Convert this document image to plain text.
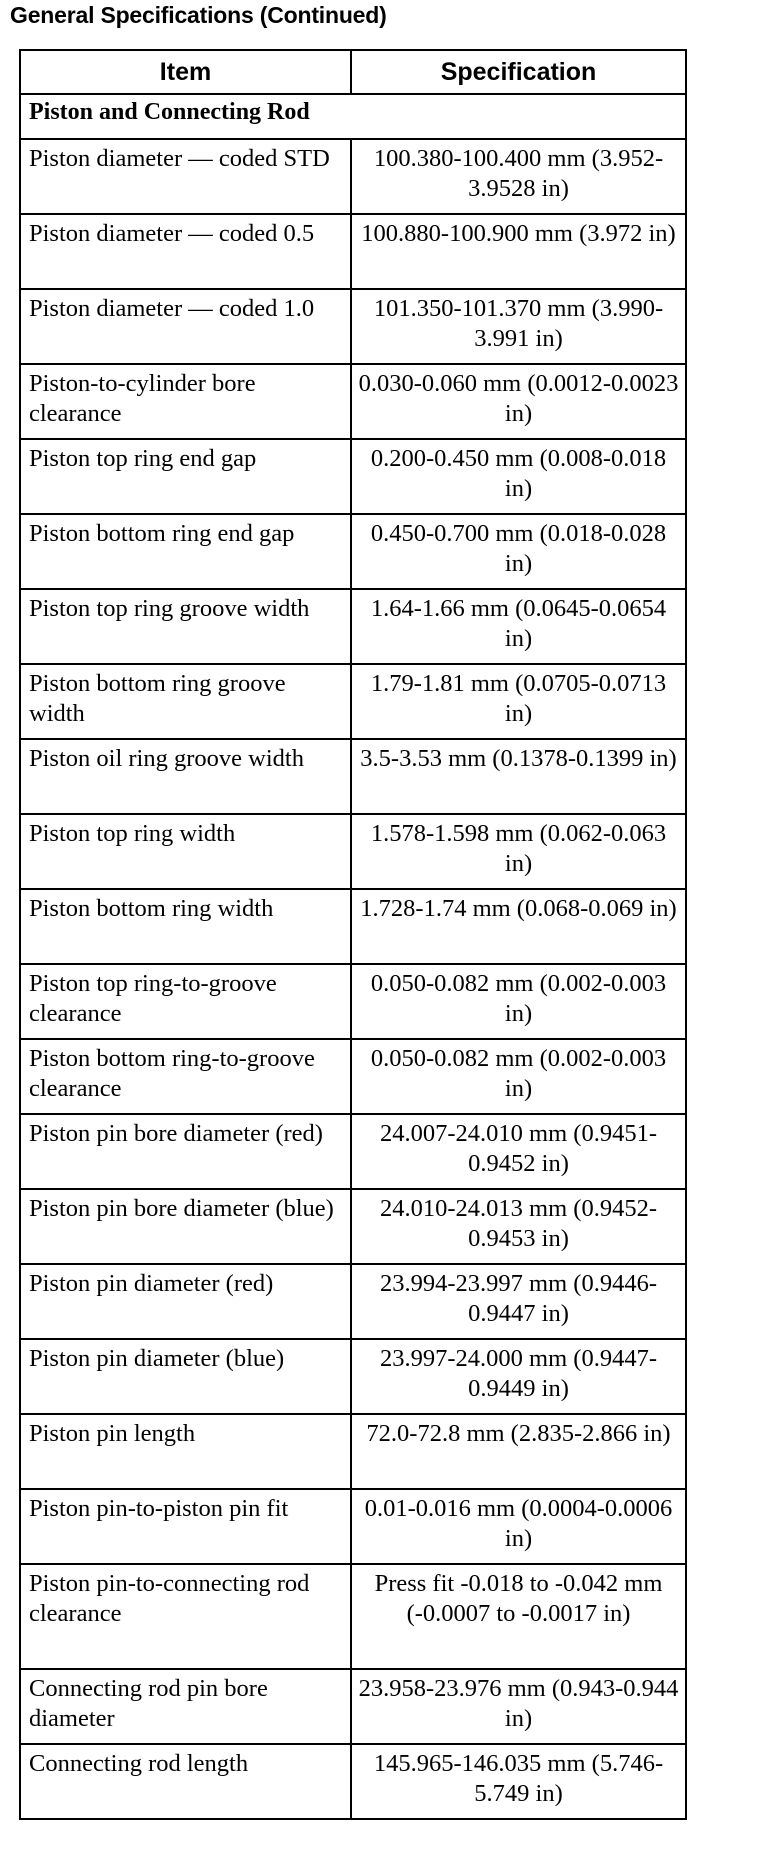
General Specifications (Continued)
Item	Specification
Piston and Connecting Rod	
Piston diameter — coded STD	100.380-100.400 mm (3.952-3.9528 in)
Piston diameter — coded 0.5	100.880-100.900 mm (3.972 in)
Piston diameter — coded 1.0	101.350-101.370 mm (3.990-3.991 in)
Piston-to-cylinder bore clearance	0.030-0.060 mm (0.0012-0.0023 in)
Piston top ring end gap	0.200-0.450 mm (0.008-0.018 in)
Piston bottom ring end gap	0.450-0.700 mm (0.018-0.028 in)
Piston top ring groove width	1.64-1.66 mm (0.0645-0.0654 in)
Piston bottom ring groove width	1.79-1.81 mm (0.0705-0.0713 in)
Piston oil ring groove width	3.5-3.53 mm (0.1378-0.1399 in)
Piston top ring width	1.578-1.598 mm (0.062-0.063 in)
Piston bottom ring width	1.728-1.74 mm (0.068-0.069 in)
Piston top ring-to-groove clearance	0.050-0.082 mm (0.002-0.003 in)
Piston bottom ring-to-groove clearance	0.050-0.082 mm (0.002-0.003 in)
Piston pin bore diameter (red)	24.007-24.010 mm (0.9451-0.9452 in)
Piston pin bore diameter (blue)	24.010-24.013 mm (0.9452-0.9453 in)
Piston pin diameter (red)	23.994-23.997 mm (0.9446-0.9447 in)
Piston pin diameter (blue)	23.997-24.000 mm (0.9447-0.9449 in)
Piston pin length	72.0-72.8 mm (2.835-2.866 in)
Piston pin-to-piston pin fit	0.01-0.016 mm (0.0004-0.0006 in)
Piston pin-to-connecting rod clearance	Press fit -0.018 to -0.042 mm (-0.0007 to -0.0017 in)
Connecting rod pin bore diameter	23.958-23.976 mm (0.943-0.944 in)
Connecting rod length	145.965-146.035 mm (5.746-5.749 in)
